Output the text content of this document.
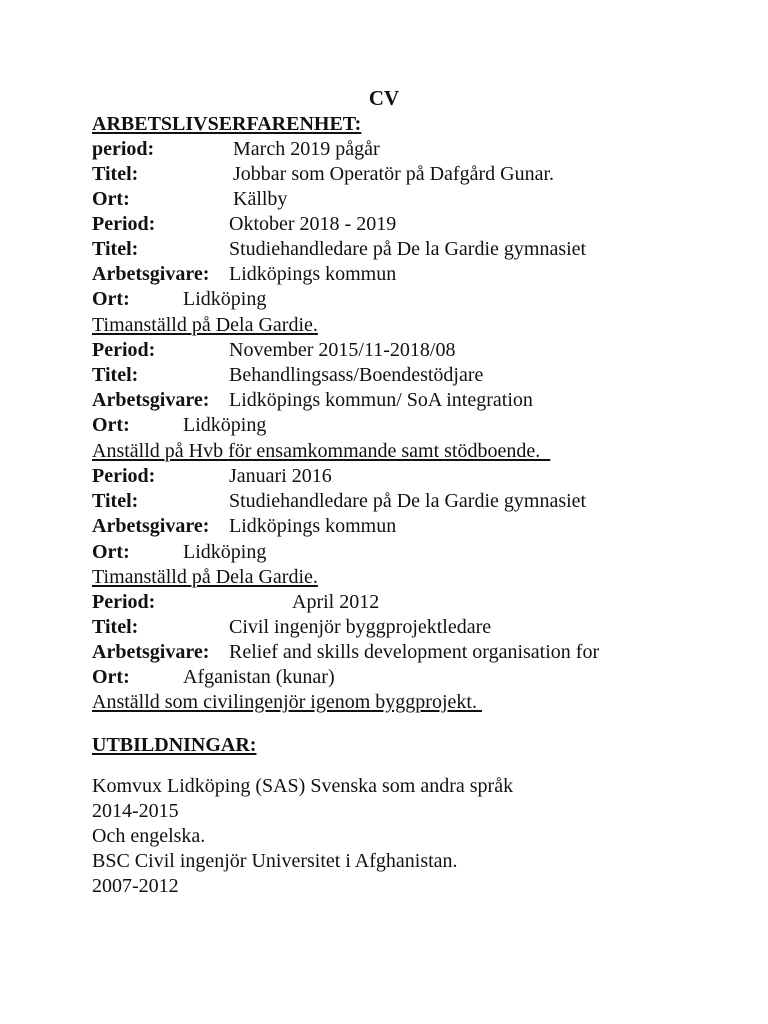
CV
ARBETSLIVSERFARENHET:
period:	March 2019 pågår
Titel:	Jobbar som Operatör på Dafgård Gunar.
Ort:	Källby
Period:	Oktober 2018 - 2019
Titel:	Studiehandledare på De la Gardie gymnasiet
Arbetsgivare: Lidköpings kommun
Ort:	Lidköping
Timanställd på Dela Gardie.
Period:	November 2015/11-2018/08
Titel:	Behandlingsass/Boendestödjare
Arbetsgivare: Lidköpings kommun/ SoA integration
Ort:	Lidköping
Anställd på Hvb för ensamkommande samt stödboende.
Period:	Januari 2016
Titel:	Studiehandledare på De la Gardie gymnasiet
Arbetsgivare: Lidköpings kommun
Ort:	Lidköping
Timanställd på Dela Gardie.
Period:	April 2012
Titel:	Civil ingenjör byggprojektledare
Arbetsgivare: Relief and skills development organisation for
Ort:	Afganistan (kunar)
Anställd som civilingenjör igenom byggprojekt.
UTBILDNINGAR:
Komvux Lidköping (SAS) Svenska som andra språk
2014-2015
Och engelska.
BSC Civil ingenjör Universitet i Afghanistan.
2007-2012
